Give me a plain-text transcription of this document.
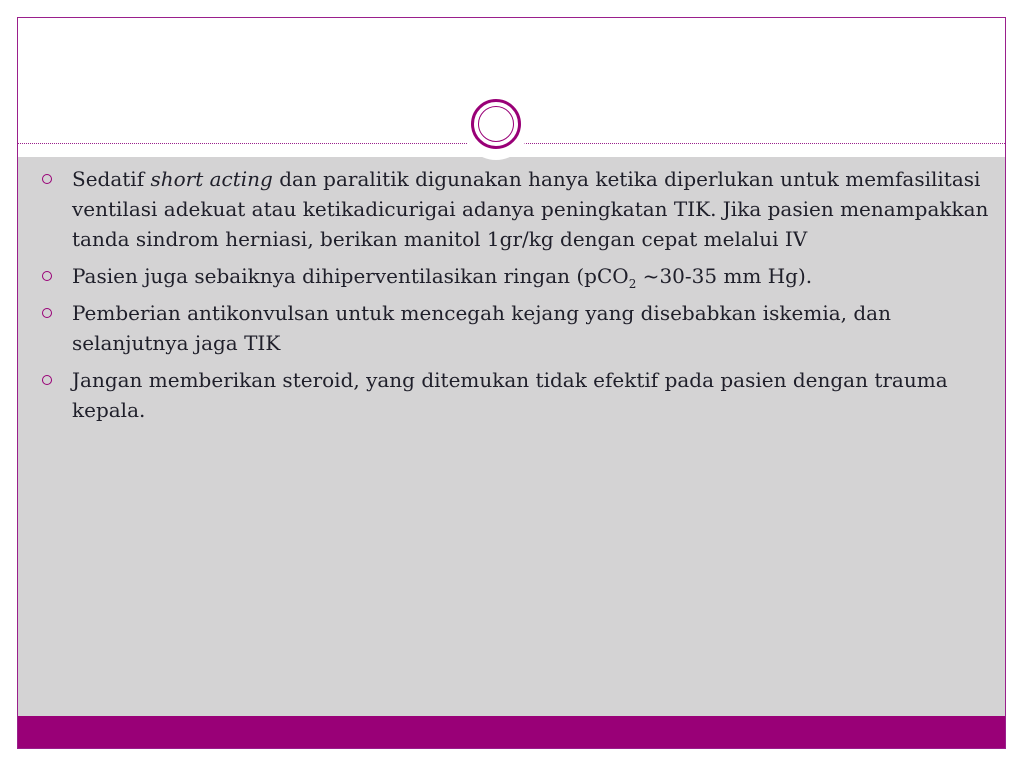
Sedatif short acting dan paralitik digunakan hanya ketika diperlukan untuk memfasilitasi ventilasi adekuat atau ketikadicurigai adanya peningkatan TIK. Jika pasien menampakkan tanda sindrom herniasi, berikan manitol 1gr/kg dengan cepat melalui IV
Pasien juga sebaiknya dihiperventilasikan ringan (pCO$_2$ ~30-35 mm Hg).
Pemberian antikonvulsan untuk mencegah kejang yang disebabkan iskemia, dan selanjutnya jaga TIK
Jangan memberikan steroid, yang ditemukan tidak efektif pada pasien dengan trauma kepala.
